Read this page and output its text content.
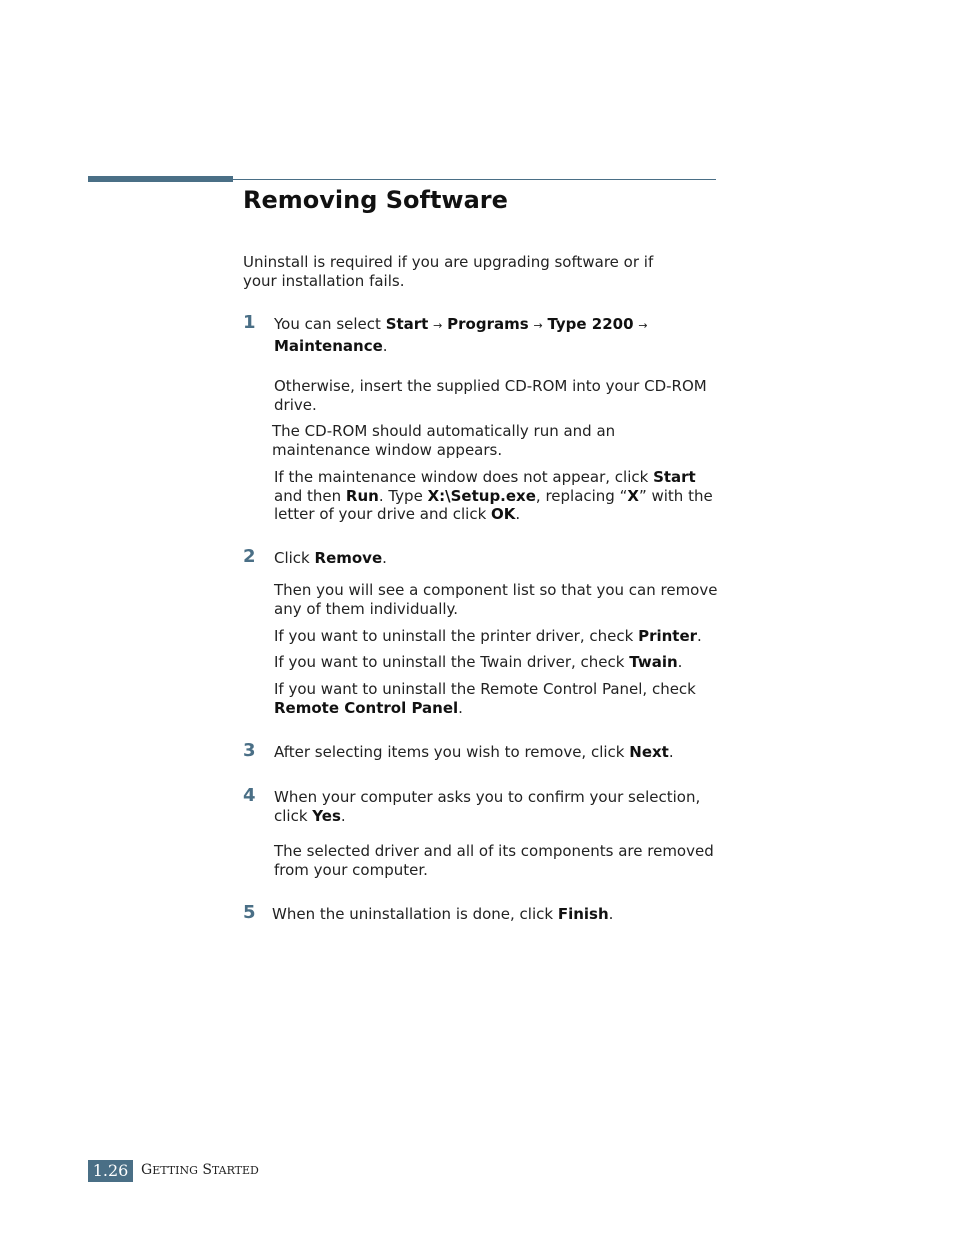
Removing Software

Uninstall is required if you are upgrading software or if your installation fails.

1 You can select Start → Programs → Type 2200 → Maintenance.

Otherwise, insert the supplied CD-ROM into your CD-ROM drive.

The CD-ROM should automatically run and an maintenance window appears.

If the maintenance window does not appear, click Start and then Run. Type X:\Setup.exe, replacing “X” with the letter of your drive and click OK.

2 Click Remove.

Then you will see a component list so that you can remove any of them individually.

If you want to uninstall the printer driver, check Printer.

If you want to uninstall the Twain driver, check Twain.

If you want to uninstall the Remote Control Panel, check Remote Control Panel.

3 After selecting items you wish to remove, click Next.

4 When your computer asks you to confirm your selection, click Yes.

The selected driver and all of its components are removed from your computer.

5 When the uninstallation is done, click Finish.

1.26 GETTING STARTED
